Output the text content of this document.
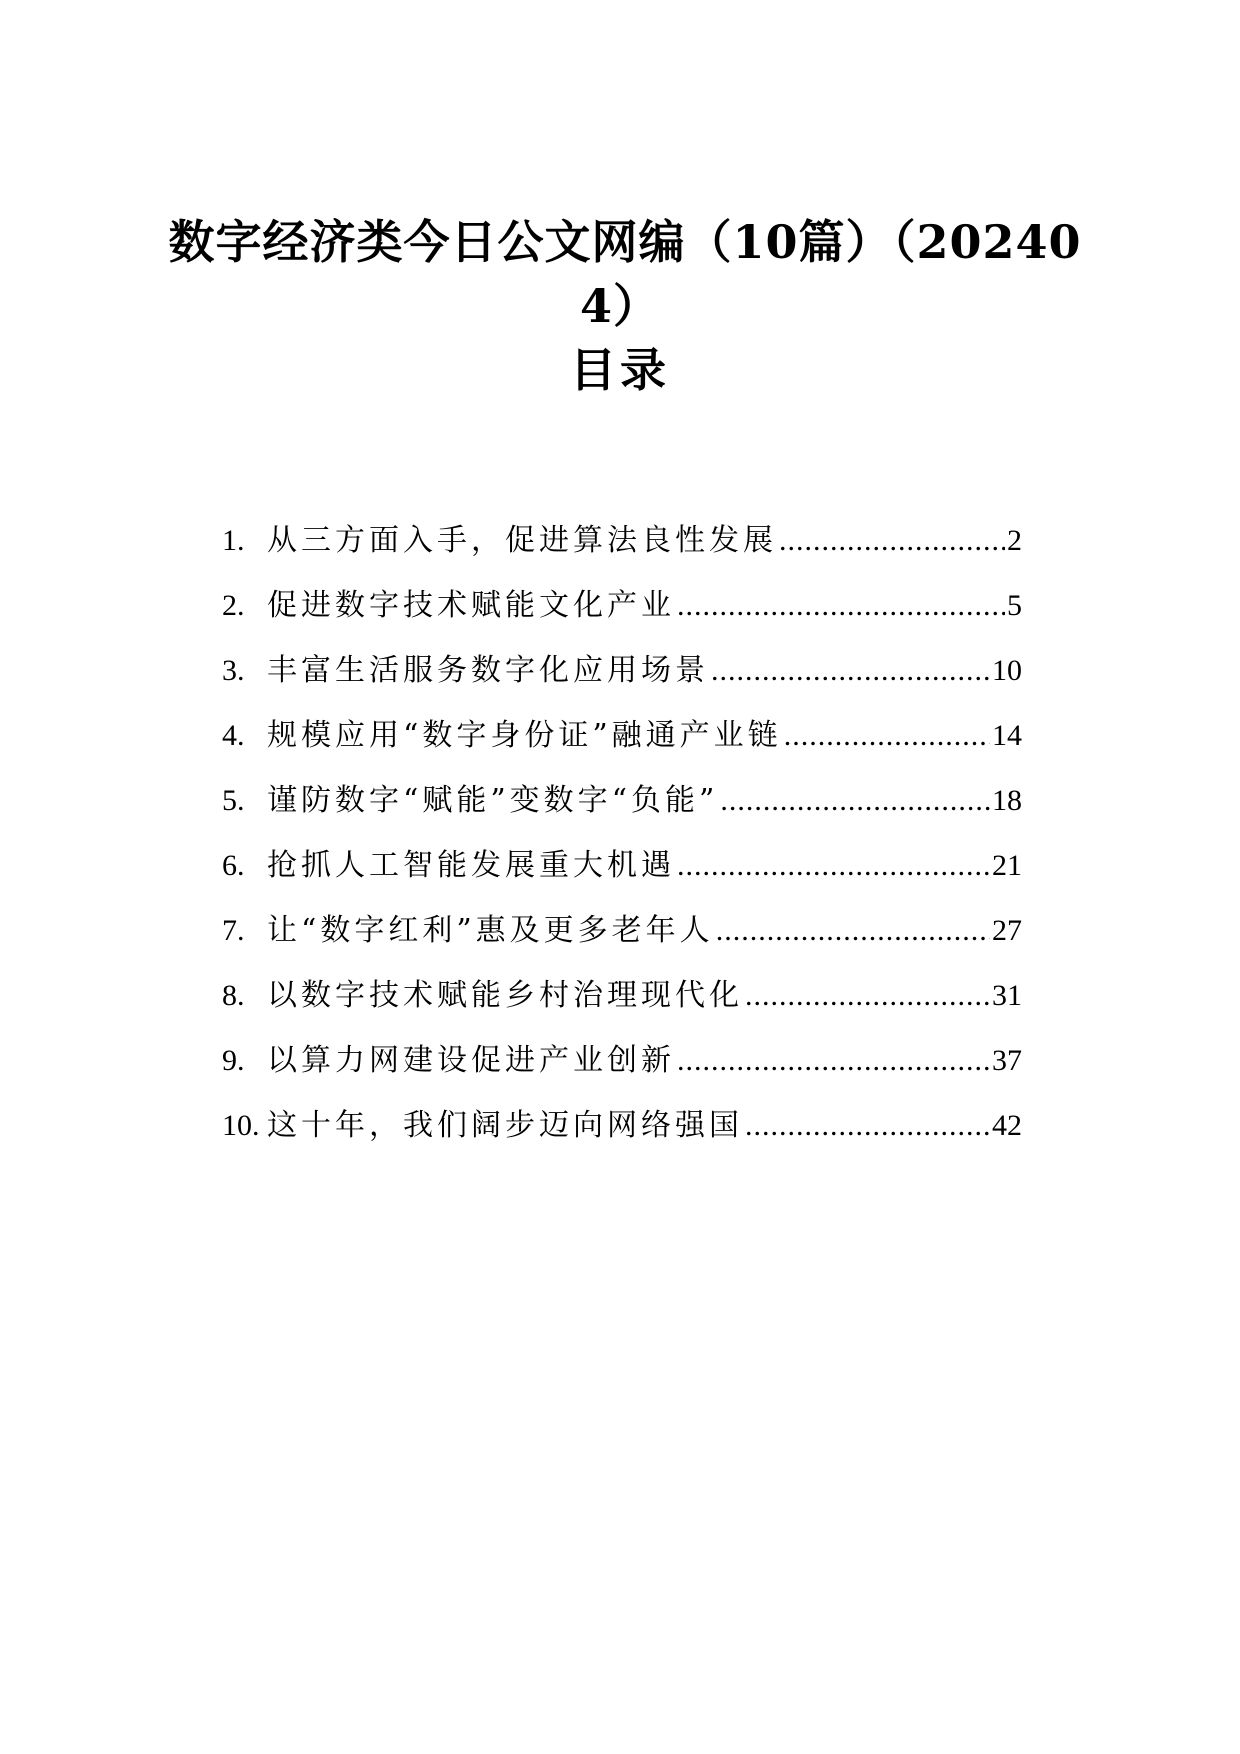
数字经济类今日公文网编（10篇）（20240
4）
目录
1. 从三方面入手，促进算法良性发展 .....	2
2. 促进数字技术赋能文化产业 .....	5
3. 丰富生活服务数字化应用场景 .....	10
4. 规模应用“数字身份证”融通产业链 .....	14
5. 谨防数字“赋能”变数字“负能” .....	18
6. 抢抓人工智能发展重大机遇 .....	21
7. 让“数字红利”惠及更多老年人 .....	27
8. 以数字技术赋能乡村治理现代化 .....	31
9. 以算力网建设促进产业创新 .....	37
10. 这十年，我们阔步迈向网络强国 .....	42
